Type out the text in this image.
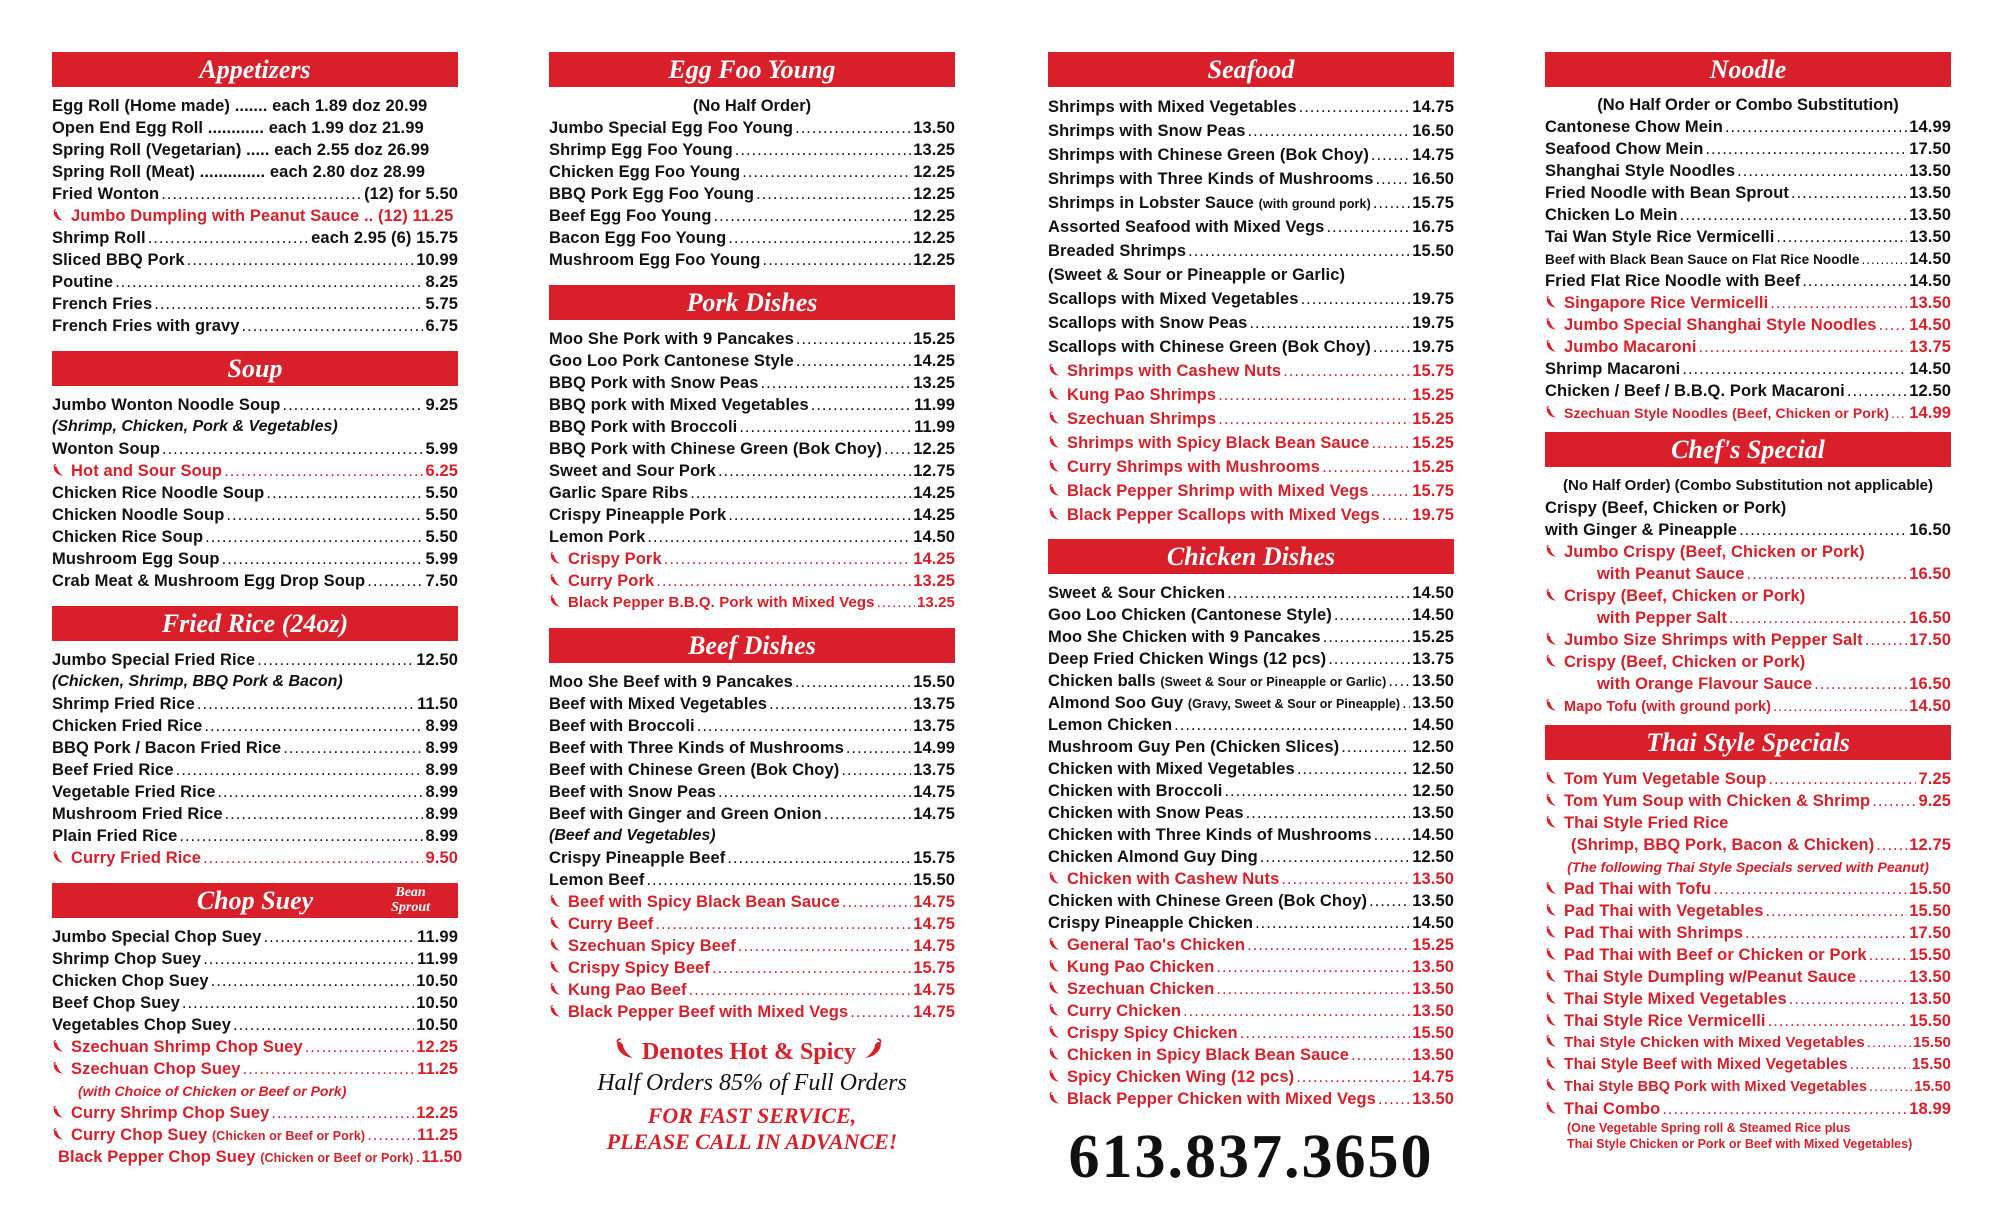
Appetizers
Egg Roll (Home made) ....... each 1.89 doz 20.99
Open End Egg Roll ............ each 1.99 doz 21.99
Spring Roll (Vegetarian) ..... each 2.55 doz 26.99
Spring Roll (Meat) .............. each 2.80 doz 28.99
Fried Wonton .....	(12) for 5.50
Jumbo Dumpling with Peanut Sauce .. (12) 11.25
Shrimp Roll .....	each 2.95 (6) 15.75
Sliced BBQ Pork .....	10.99
Poutine .....	8.25
French Fries .....	5.75
French Fries with gravy .....	6.75
Soup
Jumbo Wonton Noodle Soup .....	9.25
(Shrimp, Chicken, Pork & Vegetables)
Wonton Soup .....	5.99
Hot and Sour Soup .....	6.25
Chicken Rice Noodle Soup .....	5.50
Chicken Noodle Soup .....	5.50
Chicken Rice Soup .....	5.50
Mushroom Egg Soup .....	5.99
Crab Meat & Mushroom Egg Drop Soup .....	7.50
Fried Rice (24oz)
Jumbo Special Fried Rice .....	12.50
(Chicken, Shrimp, BBQ Pork & Bacon)
Shrimp Fried Rice .....	11.50
Chicken Fried Rice .....	8.99
BBQ Pork / Bacon Fried Rice .....	8.99
Beef Fried Rice .....	8.99
Vegetable Fried Rice .....	8.99
Mushroom Fried Rice .....	8.99
Plain Fried Rice .....	8.99
Curry Fried Rice .....	9.50
Chop Suey	Bean
Sprout
Jumbo Special Chop Suey .....	11.99
Shrimp Chop Suey .....	11.99
Chicken Chop Suey .....	10.50
Beef Chop Suey .....	10.50
Vegetables Chop Suey .....	10.50
Szechuan Shrimp Chop Suey .....	12.25
Szechuan Chop Suey .....	11.25
(with Choice of Chicken or Beef or Pork)
Curry Shrimp Chop Suey .....	12.25
Curry Chop Suey
(Chicken or Beef or Pork) .....	11.25
Black Pepper Chop Suey
(Chicken or Beef or Pork) ..... 11.50
Egg Foo Young
(No Half Order)
Jumbo Special Egg Foo Young .....	13.50
Shrimp Egg Foo Young .....	13.25
Chicken Egg Foo Young .....	12.25
BBQ Pork Egg Foo Young .....	12.25
Beef Egg Foo Young .....	12.25
Bacon Egg Foo Young .....	12.25
Mushroom Egg Foo Young .....	12.25
Pork Dishes
Moo She Pork with 9 Pancakes .....	15.25
Goo Loo Pork Cantonese Style .....	14.25
BBQ Pork with Snow Peas .....	13.25
BBQ pork with Mixed Vegetables .....	11.99
BBQ Pork with Broccoli .....	11.99
BBQ Pork with Chinese Green (Bok Choy) ..... 12.25
Sweet and Sour Pork .....	12.75
Garlic Spare Ribs .....	14.25
Crispy Pineapple Pork .....	14.25
Lemon Pork .....	14.50
Crispy Pork .....	14.25
Curry Pork .....	13.25
Black Pepper B.B.Q. Pork with Mixed Vegs .....	13.25
Beef Dishes
Moo She Beef with 9 Pancakes .....	15.50
Beef with Mixed Vegetables .....	13.75
Beef with Broccoli .....	13.75
Beef with Three Kinds of Mushrooms .....	14.99
Beef with Chinese Green (Bok Choy) .....	13.75
Beef with Snow Peas .....	14.75
Beef with Ginger and Green Onion .....	14.75
(Beef and Vegetables)
Crispy Pineapple Beef .....	15.75
Lemon Beef .....	15.50
Beef with Spicy Black Bean Sauce .....	14.75
Curry Beef .....	14.75
Szechuan Spicy Beef .....	14.75
Crispy Spicy Beef .....	15.75
Kung Pao Beef .....	14.75
Black Pepper Beef with Mixed Vegs .....	14.75
Denotes Hot & Spicy
Half Orders 85% of Full Orders
FOR FAST SERVICE,
PLEASE CALL IN ADVANCE!
Seafood
Shrimps with Mixed Vegetables .....	14.75
Shrimps with Snow Peas .....	16.50
Shrimps with Chinese Green (Bok Choy) .....	14.75
Shrimps with Three Kinds of Mushrooms ..... 16.50
Shrimps in Lobster Sauce
(with ground pork) .....	15.75
Assorted Seafood with Mixed Vegs .....	16.75
Breaded Shrimps .....	15.50
(Sweet & Sour or Pineapple or Garlic)
Scallops with Mixed Vegetables .....	19.75
Scallops with Snow Peas .....	19.75
Scallops with Chinese Green (Bok Choy) .....	19.75
Shrimps with Cashew Nuts .....	15.75
Kung Pao Shrimps .....	15.25
Szechuan Shrimps .....	15.25
Shrimps with Spicy Black Bean Sauce .....	15.25
Curry Shrimps with Mushrooms .....	15.25
Black Pepper Shrimp with Mixed Vegs .....	15.75
Black Pepper Scallops with Mixed Vegs ..... 19.75
Chicken Dishes
Sweet & Sour Chicken .....	14.50
Goo Loo Chicken (Cantonese Style) .....	14.50
Moo She Chicken with 9 Pancakes .....	15.25
Deep Fried Chicken Wings (12 pcs) .....	13.75
Chicken balls
(Sweet & Sour or Pineapple or Garlic) ..... 13.50
Almond Soo Guy
(Gravy, Sweet & Sour or Pineapple) ..... 13.50
Lemon Chicken .....	14.50
Mushroom Guy Pen (Chicken Slices) .....	12.50
Chicken with Mixed Vegetables .....	12.50
Chicken with Broccoli .....	12.50
Chicken with Snow Peas .....	13.50
Chicken with Three Kinds of Mushrooms ..... 14.50
Chicken Almond Guy Ding .....	12.50
Chicken with Cashew Nuts .....	13.50
Chicken with Chinese Green (Bok Choy) .....	13.50
Crispy Pineapple Chicken .....	14.50
General Tao's Chicken .....	15.25
Kung Pao Chicken .....	13.50
Szechuan Chicken .....	13.50
Curry Chicken .....	13.50
Crispy Spicy Chicken .....	15.50
Chicken in Spicy Black Bean Sauce .....	13.50
Spicy Chicken Wing (12 pcs) .....	14.75
Black Pepper Chicken with Mixed Vegs ..... 13.50
613.837.3650
Noodle
(No Half Order or Combo Substitution)
Cantonese Chow Mein .....	14.99
Seafood Chow Mein .....	17.50
Shanghai Style Noodles .....	13.50
Fried Noodle with Bean Sprout .....	13.50
Chicken Lo Mein .....	13.50
Tai Wan Style Rice Vermicelli .....	13.50
Beef with Black Bean Sauce on Flat Rice Noodle .....	14.50
Fried Flat Rice Noodle with Beef .....	14.50
Singapore Rice Vermicelli .....	13.50
Jumbo Special Shanghai Style Noodles ..... 14.50
Jumbo Macaroni .....	13.75
Shrimp Macaroni .....	14.50
Chicken / Beef / B.B.Q. Pork Macaroni .....	12.50
Szechuan Style Noodles (Beef, Chicken or Pork) ..... 14.99
Chef's Special
(No Half Order) (Combo Substitution not applicable)
Crispy (Beef, Chicken or Pork)
with Ginger & Pineapple .....	16.50
Jumbo Crispy (Beef, Chicken or Pork)
with Peanut Sauce .....	16.50
Crispy (Beef, Chicken or Pork)
with Pepper Salt .....	16.50
Jumbo Size Shrimps with Pepper Salt .....	17.50
Crispy (Beef, Chicken or Pork)
with Orange Flavour Sauce .....	16.50
Mapo Tofu (with ground pork) .....	14.50
Thai Style Specials
Tom Yum Vegetable Soup .....	7.25
Tom Yum Soup with Chicken & Shrimp .....	9.25
Thai Style Fried Rice
(Shrimp, BBQ Pork, Bacon & Chicken) ..... 12.75
(The following Thai Style Specials served with Peanut)
Pad Thai with Tofu .....	15.50
Pad Thai with Vegetables .....	15.50
Pad Thai with Shrimps .....	17.50
Pad Thai with Beef or Chicken or Pork .....	15.50
Thai Style Dumpling w/Peanut Sauce .....	13.50
Thai Style Mixed Vegetables .....	13.50
Thai Style Rice Vermicelli .....	15.50
Thai Style Chicken with Mixed Vegetables .....	15.50
Thai Style Beef with Mixed Vegetables .....	15.50
Thai Style BBQ Pork with Mixed Vegetables .....	15.50
Thai Combo .....	18.99
(One Vegetable Spring roll & Steamed Rice plus
Thai Style Chicken or Pork or Beef with Mixed Vegetables)
